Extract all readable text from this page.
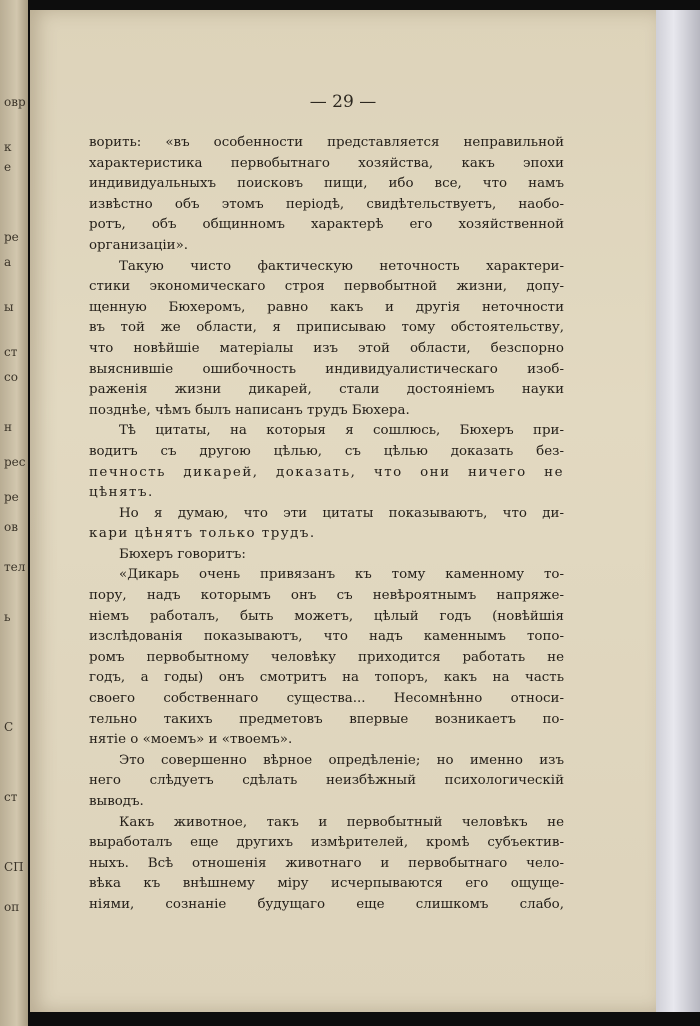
овр
к
е
ре
а
ы
ст
со
н
рес
ре
ов
тел
ь
С
ст
СП
оп
— 29 —
ворить: «въ особенности представляется неправильной
характеристика первобытнаго хозяйства, какъ эпохи
индивидуальныхъ поисковъ пищи, ибо все, что намъ
извѣстно объ этомъ періодѣ, свидѣтельствуетъ, наобо-
ротъ, объ общинномъ характерѣ его хозяйственной
организаціи».
Такую чисто фактическую неточность характери-
стики экономическаго строя первобытной жизни, допу-
щенную Бюхеромъ, равно какъ и другія неточности
въ той же области, я приписываю тому обстоятельству,
что новѣйшіе матеріалы изъ этой области, безспорно
выяснившіе ошибочность индивидуалистическаго изоб-
раженія жизни дикарей, стали достояніемъ науки
позднѣе, чѣмъ былъ написанъ трудъ Бюхера.
Тѣ цитаты, на которыя я сошлюсь, Бюхеръ при-
водитъ съ другою цѣлью, съ цѣлью доказать без-
печность дикарей, доказать, что они ничего не
цѣнятъ.
Но я думаю, что эти цитаты показываютъ, что ди-
кари цѣнятъ только трудъ.
Бюхеръ говоритъ:
«Дикарь очень привязанъ къ тому каменному то-
пору, надъ которымъ онъ съ невѣроятнымъ напряже-
ніемъ работалъ, быть можетъ, цѣлый годъ (новѣйшія
изслѣдованія показываютъ, что надъ каменнымъ топо-
ромъ первобытному человѣку приходится работать не
годъ, а годы) онъ смотритъ на топоръ, какъ на часть
своего собственнаго существа... Несомнѣнно относи-
тельно такихъ предметовъ впервые возникаетъ по-
нятіе о «моемъ» и «твоемъ».
Это совершенно вѣрное опредѣленіе; но именно изъ
него слѣдуетъ сдѣлать неизбѣжный психологическій
выводъ.
Какъ животное, такъ и первобытный человѣкъ не
выработалъ еще другихъ измѣрителей, кромѣ субъектив-
ныхъ. Всѣ отношенія животнаго и первобытнаго чело-
вѣка къ внѣшнему міру исчерпываются его ощуще-
ніями, сознаніе будущаго еще слишкомъ слабо,
